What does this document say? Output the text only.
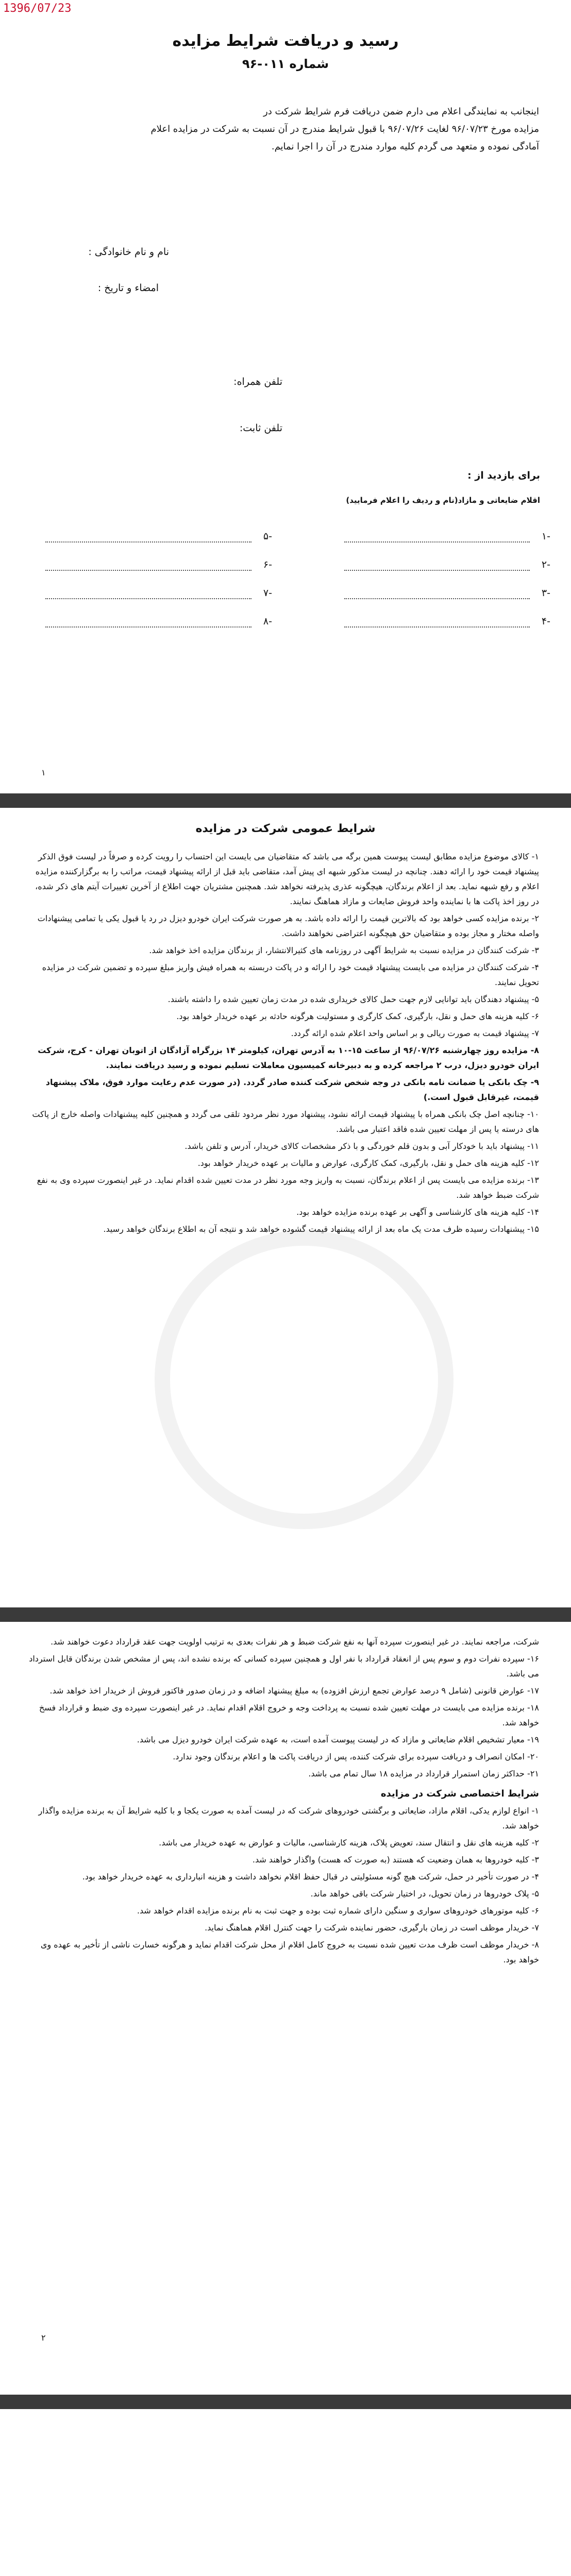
1396/07/23
رسید و دریافت شرایط مزایده
شماره ۰۱۱-۹۶
اینجانب به نمایندگی اعلام می دارم ضمن دریافت فرم شرایط شرکت در
مزایده مورخ ۹۶/۰۷/۲۳ لغایت ۹۶/۰۷/۲۶ با قبول شرایط مندرج در آن نسبت به شرکت در مزایده اعلام
آمادگی نموده و متعهد می گردم کلیه موارد مندرج در آن را اجرا نمایم.
نام و نام خانوادگی :
امضاء و تاریخ :
تلفن همراه:
تلفن ثابت:
برای بازدید از :
اقلام ضایعاتی و مازاد(نام و ردیف را اعلام فرمایید)
-۱
-۲
-۳
-۴
-۵
-۶
-۷
-۸
۱
شرایط عمومی شرکت در مزایده

۱- کالای موضوع مزایده مطابق لیست پیوست همین برگه می باشد که متقاضیان می بایست این احتساب را رویت کرده و صرفاً در لیست فوق الذکر پیشنهاد قیمت خود را ارائه دهند. چنانچه در لیست مذکور شبهه ای پیش آمد، متقاضی باید قبل از ارائه پیشنهاد قیمت، مراتب را به برگزارکننده مزایده اعلام و رفع شبهه نماید. بعد از اعلام برندگان، هیچگونه عذری پذیرفته نخواهد شد. همچنین مشتریان جهت اطلاع از آخرین تغییرات آیتم های ذکر شده، در روز اخذ پاکت ها با نماینده واحد فروش ضایعات و مازاد هماهنگ نمایند.

۲- برنده مزایده کسی خواهد بود که بالاترین قیمت را ارائه داده باشد. به هر صورت شرکت ایران خودرو دیزل در رد یا قبول یکی یا تمامی پیشنهادات واصله مختار و مجاز بوده و متقاضیان حق هیچگونه اعتراضی نخواهند داشت.

۳- شرکت کنندگان در مزایده نسبت به شرایط آگهی در روزنامه های کثیرالانتشار، از برندگان مزایده اخذ خواهد شد.

۴- شرکت کنندگان در مزایده می بایست پیشنهاد قیمت خود را ارائه و در پاکت دربسته به همراه فیش واریز مبلغ سپرده و تضمین شرکت در مزایده تحویل نمایند.

۵- پیشنهاد دهندگان باید توانایی لازم جهت حمل کالای خریداری شده در مدت زمان تعیین شده را داشته باشند.

۶- کلیه هزینه های حمل و نقل، بارگیری، کمک کارگری و مستولیت هرگونه حادثه بر عهده خریدار خواهد بود.

۷- پیشنهاد قیمت به صورت ریالی و بر اساس واحد اعلام شده ارائه گردد.

۸- مزایده روز چهارشنبه ۹۶/۰۷/۲۶ از ساعت ۱۵-۱۰ به آدرس تهران، کیلومتر ۱۴ بزرگراه آزادگان از اتوبان تهران - کرج، شرکت ایران خودرو دیزل، درب ۲ مراجعه کرده و به دبیرخانه کمیسیون معاملات تسلیم نموده و رسید دریافت نمایند.

۹- چک بانکی یا ضمانت نامه بانکی در وجه شخص شرکت کننده صادر گردد. (در صورت عدم رعایت موارد فوق، ملاک پیشنهاد قیمت، غیرقابل قبول است.)

۱۰- چنانچه اصل چک بانکی همراه با پیشنهاد قیمت ارائه نشود، پیشنهاد مورد نظر مردود تلقی می گردد و همچنین کلیه پیشنهادات واصله خارج از پاکت های درسته یا پس از مهلت تعیین شده فاقد اعتبار می باشد.

۱۱- پیشنهاد باید با خودکار آبی و بدون قلم خوردگی و با ذکر مشخصات کالای خریدار، آدرس و تلفن باشد.

۱۲- کلیه هزینه های حمل و نقل، بارگیری، کمک کارگری، عوارض و مالیات بر عهده خریدار خواهد بود.

۱۳- برنده مزایده می بایست پس از اعلام برندگان، نسبت به واریز وجه مورد نظر در مدت تعیین شده اقدام نماید. در غیر اینصورت سپرده وی به نفع شرکت ضبط خواهد شد.

۱۴- کلیه هزینه های کارشناسی و آگهی بر عهده برنده مزایده خواهد بود.

۱۵- پیشنهادات رسیده ظرف مدت یک ماه بعد از ارائه پیشنهاد قیمت گشوده خواهد شد و نتیجه آن به اطلاع برندگان خواهد رسید.

شرکت، مراجعه نمایند. در غیر اینصورت سپرده آنها به نفع شرکت ضبط و هر نفرات بعدی به ترتیب اولویت جهت عقد قرارداد دعوت خواهند شد.

۱۶- سپرده نفرات دوم و سوم پس از انعقاد قرارداد با نفر اول و همچنین سپرده کسانی که برنده نشده اند، پس از مشخص شدن برندگان قابل استرداد می باشد.

۱۷- عوارض قانونی (شامل ۹ درصد عوارض تجمع ارزش افزوده) به مبلغ پیشنهاد اضافه و در زمان صدور فاکتور فروش از خریدار اخذ خواهد شد.

۱۸- برنده مزایده می بایست در مهلت تعیین شده نسبت به پرداخت وجه و خروج اقلام اقدام نماید. در غیر اینصورت سپرده وی ضبط و قرارداد فسخ خواهد شد.

۱۹- معیار تشخیص اقلام ضایعاتی و مازاد که در لیست پیوست آمده است، به عهده شرکت ایران خودرو دیزل می باشد.

۲۰- امکان انصراف و دریافت سپرده برای شرکت کننده، پس از دریافت پاکت ها و اعلام برندگان وجود ندارد.

۲۱- حداکثر زمان استمرار قرارداد در مزایده ۱۸ سال تمام می باشد.

شرایط اختصاصی شرکت در مزایده

۱- انواع لوازم یدکی، اقلام مازاد، ضایعاتی و برگشتی خودروهای شرکت که در لیست آمده به صورت یکجا و با کلیه شرایط آن به برنده مزایده واگذار خواهد شد.

۲- کلیه هزینه های نقل و انتقال سند، تعویض پلاک، هزینه کارشناسی، مالیات و عوارض به عهده خریدار می باشد.

۳- کلیه خودروها به همان وضعیت که هستند (به صورت که هست) واگذار خواهند شد.

۴- در صورت تأخیر در حمل، شرکت هیچ گونه مسئولیتی در قبال حفظ اقلام نخواهد داشت و هزینه انبارداری به عهده خریدار خواهد بود.

۵- پلاک خودروها در زمان تحویل، در اختیار شرکت باقی خواهد ماند.

۶- کلیه موتورهای خودروهای سواری و سنگین دارای شماره ثبت بوده و جهت ثبت به نام برنده مزایده اقدام خواهد شد.

۷- خریدار موظف است در زمان بارگیری، حضور نماینده شرکت را جهت کنترل اقلام هماهنگ نماید.

۸- خریدار موظف است ظرف مدت تعیین شده نسبت به خروج کامل اقلام از محل شرکت اقدام نماید و هرگونه خسارت ناشی از تأخیر به عهده وی خواهد بود.

۲
